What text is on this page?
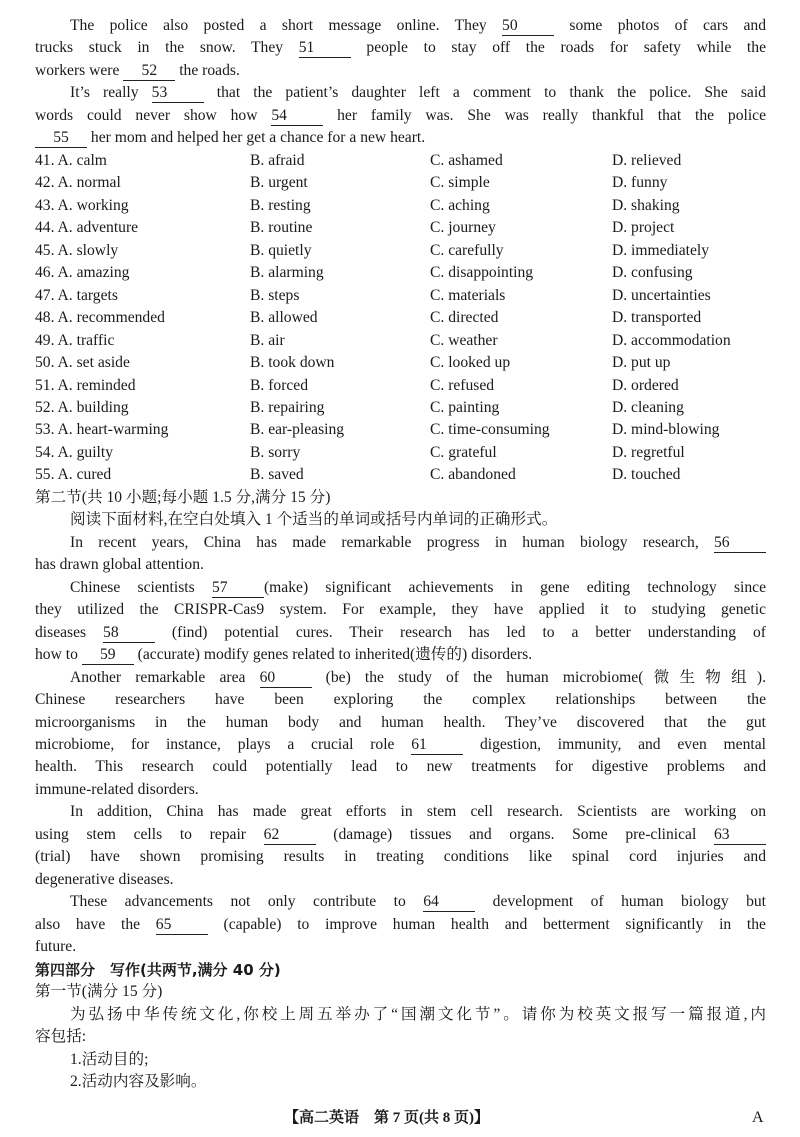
The police also posted a short message online. They 50 some photos of cars and
trucks stuck in the snow. They 51 people to stay off the roads for safety while the
workers were 52 the roads.
It’s really 53 that the patient’s daughter left a comment to thank the police. She said
words could never show how 54 her family was. She was really thankful that the police
55 her mom and helped her get a chance for a new heart.
41. A. calm	B. afraid	C. ashamed	D. relieved
42. A. normal	B. urgent	C. simple	D. funny
43. A. working	B. resting	C. aching	D. shaking
44. A. adventure	B. routine	C. journey	D. project
45. A. slowly	B. quietly	C. carefully	D. immediately
46. A. amazing	B. alarming	C. disappointing	D. confusing
47. A. targets	B. steps	C. materials	D. uncertainties
48. A. recommended	B. allowed	C. directed	D. transported
49. A. traffic	B. air	C. weather	D. accommodation
50. A. set aside	B. took down	C. looked up	D. put up
51. A. reminded	B. forced	C. refused	D. ordered
52. A. building	B. repairing	C. painting	D. cleaning
53. A. heart-warming	B. ear-pleasing	C. time-consuming	D. mind-blowing
54. A. guilty	B. sorry	C. grateful	D. regretful
55. A. cured	B. saved	C. abandoned	D. touched
第二节(共 10 小题;每小题 1.5 分,满分 15 分)
阅读下面材料,在空白处填入 1 个适当的单词或括号内单词的正确形式。
In recent years, China has made remarkable progress in human biology research, 56
has drawn global attention.
Chinese scientists 57 (make) significant achievements in gene editing technology since
they utilized the CRISPR-Cas9 system. For example, they have applied it to studying genetic
diseases 58 (find) potential cures. Their research has led to a better understanding of
how to 59 (accurate) modify genes related to inherited(遗传的) disorders.
Another remarkable area 60 (be) the study of the human microbiome(微生物组).
Chinese researchers have been exploring the complex relationships between the
microorganisms in the human body and human health. They’ve discovered that the gut
microbiome, for instance, plays a crucial role 61 digestion, immunity, and even mental
health. This research could potentially lead to new treatments for digestive problems and
immune-related disorders.
In addition, China has made great efforts in stem cell research. Scientists are working on
using stem cells to repair 62 (damage) tissues and organs. Some pre-clinical 63
(trial) have shown promising results in treating conditions like spinal cord injuries and
degenerative diseases.
These advancements not only contribute to 64 development of human biology but
also have the 65 (capable) to improve human health and betterment significantly in the
future.
第四部分　写作(共两节,满分 40 分)
第一节(满分 15 分)
为弘扬中华传统文化,你校上周五举办了“国潮文化节”。请你为校英文报写一篇报道,内
容包括:
1.活动目的;
2.活动内容及影响。
【高二英语　第 7 页(共 8 页)】	A
